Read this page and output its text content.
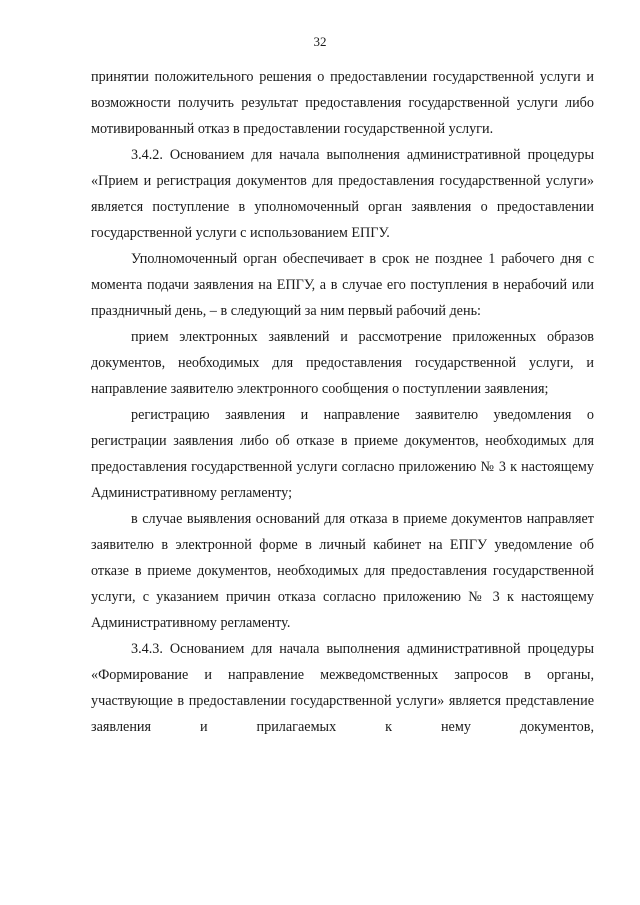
32

принятии положительного решения о предоставлении государственной услуги и возможности получить результат предоставления государственной услуги либо мотивированный отказ в предоставлении государственной услуги.

3.4.2. Основанием для начала выполнения административной процедуры «Прием и регистрация документов для предоставления государственной услуги» является поступление в уполномоченный орган заявления о предоставлении государственной услуги с использованием ЕПГУ.

Уполномоченный орган обеспечивает в срок не позднее 1 рабочего дня с момента подачи заявления на ЕПГУ, а в случае его поступления в нерабочий или праздничный день, – в следующий за ним первый рабочий день:

прием электронных заявлений и рассмотрение приложенных образов документов, необходимых для предоставления государственной услуги, и направление заявителю электронного сообщения о поступлении заявления;

регистрацию заявления и направление заявителю уведомления о регистрации заявления либо об отказе в приеме документов, необходимых для предоставления государственной услуги согласно приложению № 3 к настоящему Административному регламенту;

в случае выявления оснований для отказа в приеме документов направляет заявителю в электронной форме в личный кабинет на ЕПГУ уведомление об отказе в приеме документов, необходимых для предоставления государственной услуги, с указанием причин отказа согласно приложению № 3 к настоящему Административному регламенту.

3.4.3. Основанием для начала выполнения административной процедуры «Формирование и направление межведомственных запросов в органы, участвующие в предоставлении государственной услуги» является представление заявления и прилагаемых к нему документов,
